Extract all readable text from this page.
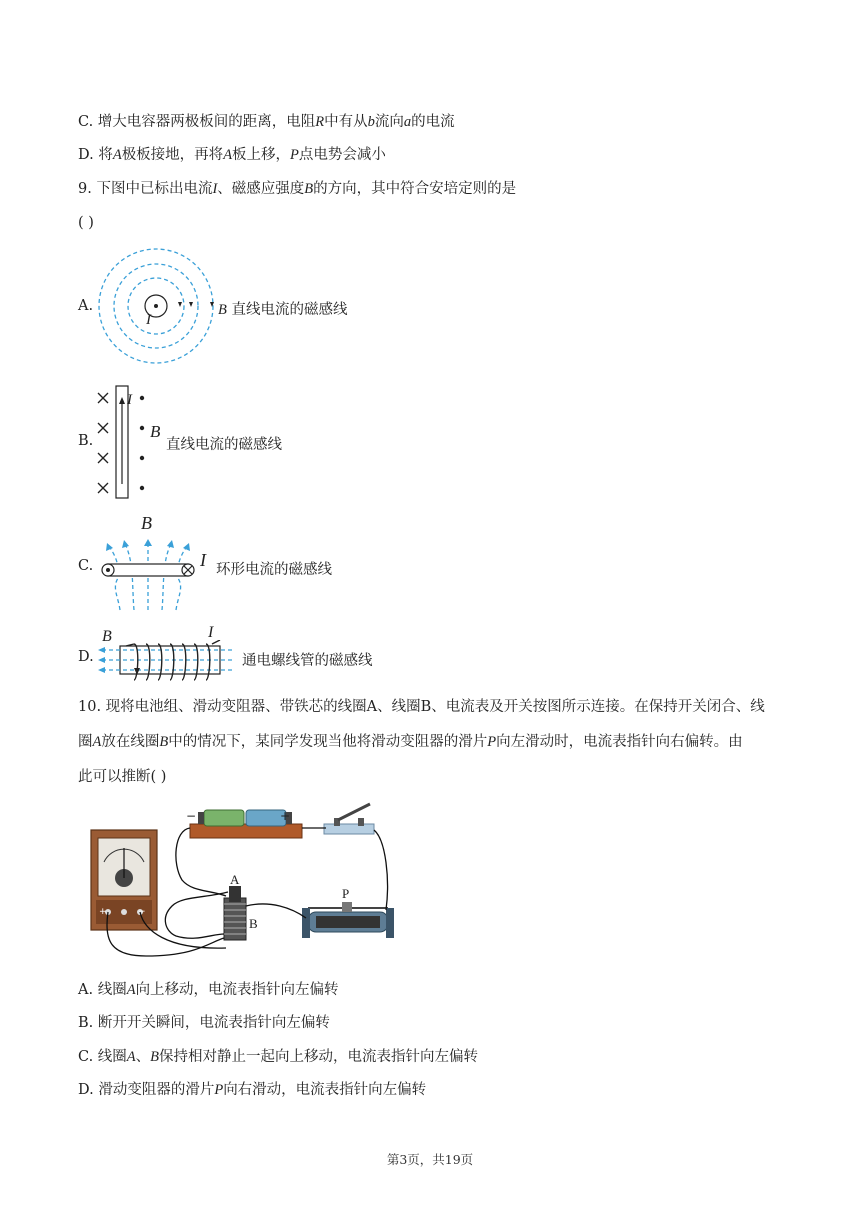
C. 增大电容器两极板间的距离，电阻R中有从b流向a的电流
D. 将A极板接地，再将A板上移，P点电势会减小
9. 下图中已标出电流I、磁感应强度B的方向，其中符合安培定则的是
( )
A.
I
B 直线电流的磁感线
B.
I
B
直线电流的磁感线
C.
B
I 环形电流的磁感线
D.
B	I
通电螺线管的磁感线
10. 现将电池组、滑动变阻器、带铁芯的线圈A、线圈B、电流表及开关按图所示连接。在保持开关闭合、线
圈A放在线圈B中的情况下，某同学发现当他将滑动变阻器的滑片P向左滑动时，电流表指针向右偏转。由
此可以推断( )
+	−
−	+
A
B
P
A. 线圈A向上移动，电流表指针向左偏转
B. 断开开关瞬间，电流表指针向左偏转
C. 线圈A、B保持相对静止一起向上移动，电流表指针向左偏转
D. 滑动变阻器的滑片P向右滑动，电流表指针向左偏转
第3页，共19页
